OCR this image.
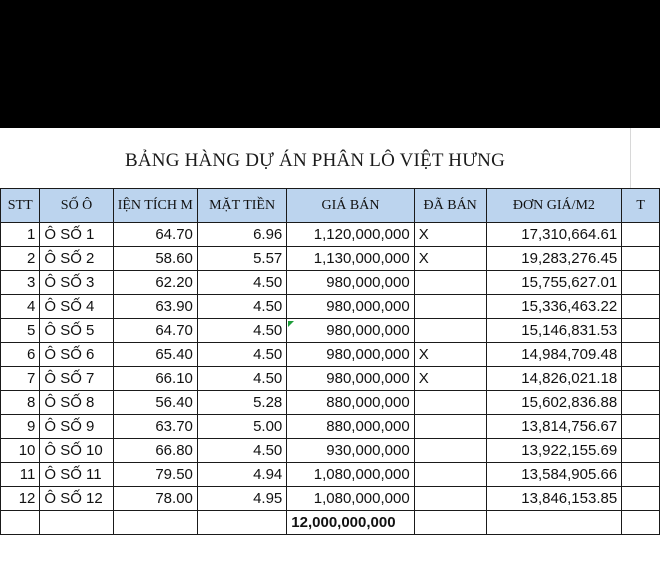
BẢNG HÀNG DỰ ÁN PHÂN LÔ VIỆT HƯNG
STT	SỐ Ô	IỆN TÍCH M	MẶT TIỀN	GIÁ BÁN	ĐÃ BÁN	ĐƠN GIÁ/M2	T
1	Ô SỐ 1	64.70	6.96	1,120,000,000	X	17,310,664.61	
2	Ô SỐ 2	58.60	5.57	1,130,000,000	X	19,283,276.45	
3	Ô SỐ 3	62.20	4.50	980,000,000		15,755,627.01	
4	Ô SỐ 4	63.90	4.50	980,000,000		15,336,463.22	
5	Ô SỐ 5	64.70	4.50	980,000,000		15,146,831.53	
6	Ô SỐ 6	65.40	4.50	980,000,000	X	14,984,709.48	
7	Ô SỐ 7	66.10	4.50	980,000,000	X	14,826,021.18	
8	Ô SỐ 8	56.40	5.28	880,000,000		15,602,836.88	
9	Ô SỐ 9	63.70	5.00	880,000,000		13,814,756.67	
10	Ô SỐ 10	66.80	4.50	930,000,000		13,922,155.69	
11	Ô SỐ 11	79.50	4.94	1,080,000,000		13,584,905.66	
12	Ô SỐ 12	78.00	4.95	1,080,000,000		13,846,153.85	
				12,000,000,000			
